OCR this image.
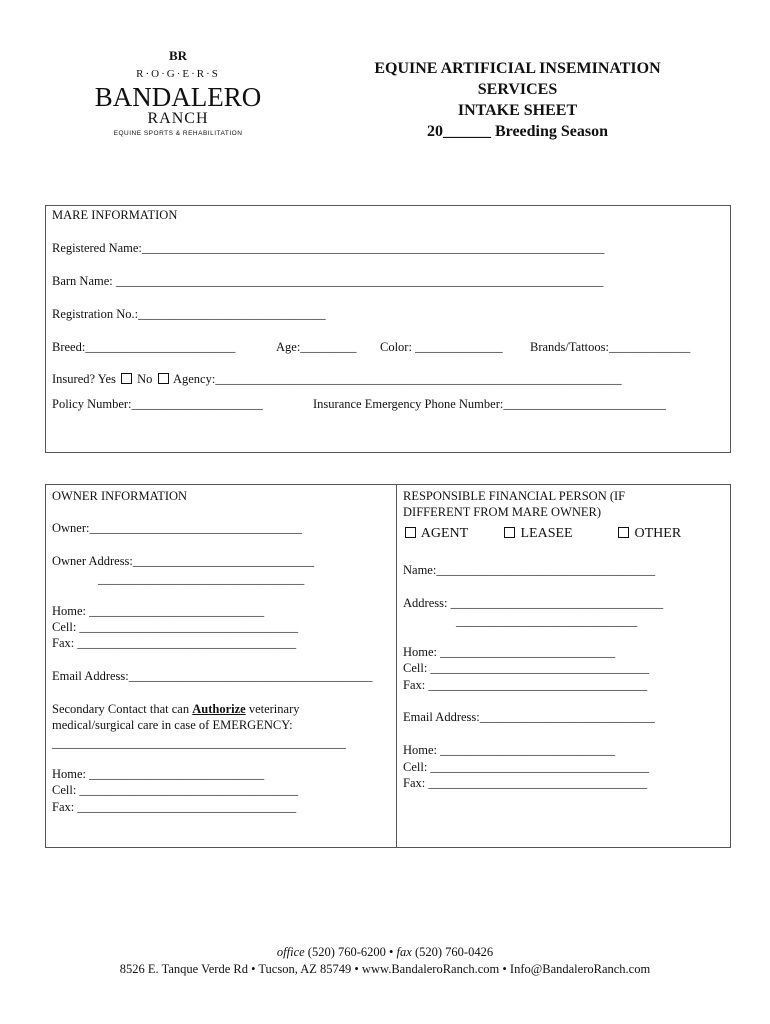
BR
R·O·G·E·R·S
BANDALERO
RANCH
EQUINE SPORTS & REHABILITATION
EQUINE ARTIFICIAL INSEMINATION
SERVICES
INTAKE SHEET
20______ Breeding Season
MARE INFORMATION
Registered Name:__________________________________________________________________________
Barn Name: ______________________________________________________________________________
Registration No.:______________________________
Breed:________________________	Age:_________ Color: ______________ Brands/Tattoos:_____________
Insured? Yes No Agency:_________________________________________________________________
Policy Number:_____________________	Insurance Emergency Phone Number:__________________________
OWNER INFORMATION
Owner:__________________________________
Owner Address:_____________________________
_________________________________
Home: ____________________________
Cell: ___________________________________
Fax: ___________________________________
Email Address:_______________________________________
Secondary Contact that can Authorize veterinary
medical/surgical care in case of EMERGENCY:
_______________________________________________
Home: ____________________________
Cell: ___________________________________
Fax: ___________________________________
RESPONSIBLE FINANCIAL PERSON (IF
DIFFERENT FROM MARE OWNER)
AGENT	LEASEE	OTHER
Name:___________________________________
Address: __________________________________
_____________________________
Home: ____________________________
Cell: ___________________________________
Fax: ___________________________________
Email Address:____________________________
Home: ____________________________
Cell: ___________________________________
Fax: ___________________________________
office (520) 760-6200 • fax (520) 760-0426
8526 E. Tanque Verde Rd • Tucson, AZ 85749 • www.BandaleroRanch.com • Info@BandaleroRanch.com
